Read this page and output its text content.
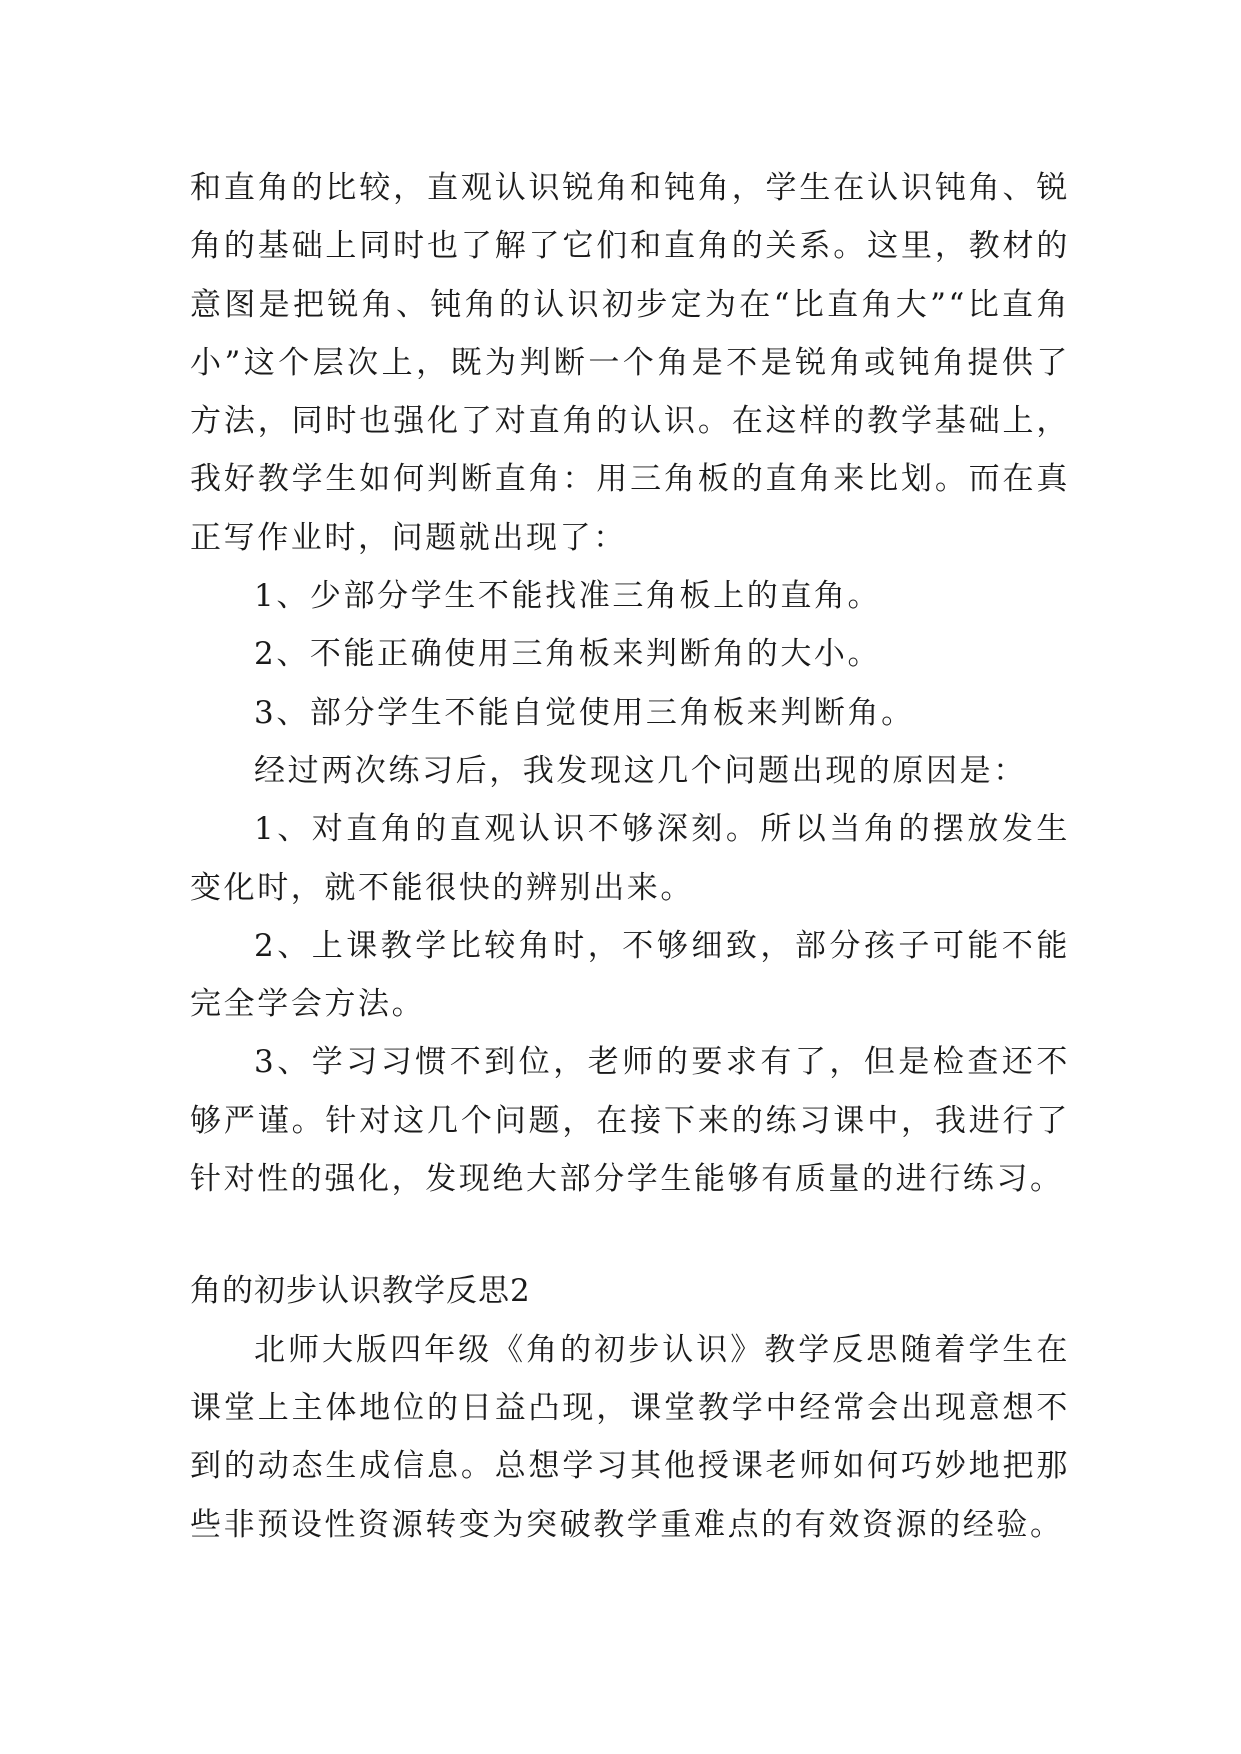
和直角的比较，直观认识锐角和钝角，学生在认识钝角、锐角的基础上同时也了解了它们和直角的关系。这里，教材的意图是把锐角、钝角的认识初步定为在“比直角大”“比直角小”这个层次上，既为判断一个角是不是锐角或钝角提供了方法，同时也强化了对直角的认识。在这样的教学基础上，我好教学生如何判断直角：用三角板的直角来比划。而在真正写作业时，问题就出现了：

1、少部分学生不能找准三角板上的直角。

2、不能正确使用三角板来判断角的大小。

3、部分学生不能自觉使用三角板来判断角。

经过两次练习后，我发现这几个问题出现的原因是：

1、对直角的直观认识不够深刻。所以当角的摆放发生变化时，就不能很快的辨别出来。

2、上课教学比较角时，不够细致，部分孩子可能不能完全学会方法。

3、学习习惯不到位，老师的要求有了，但是检查还不够严谨。针对这几个问题，在接下来的练习课中，我进行了针对性的强化，发现绝大部分学生能够有质量的进行练习。

角的初步认识教学反思2

北师大版四年级《角的初步认识》教学反思随着学生在课堂上主体地位的日益凸现，课堂教学中经常会出现意想不到的动态生成信息。总想学习其他授课老师如何巧妙地把那些非预设性资源转变为突破教学重难点的有效资源的经验。
